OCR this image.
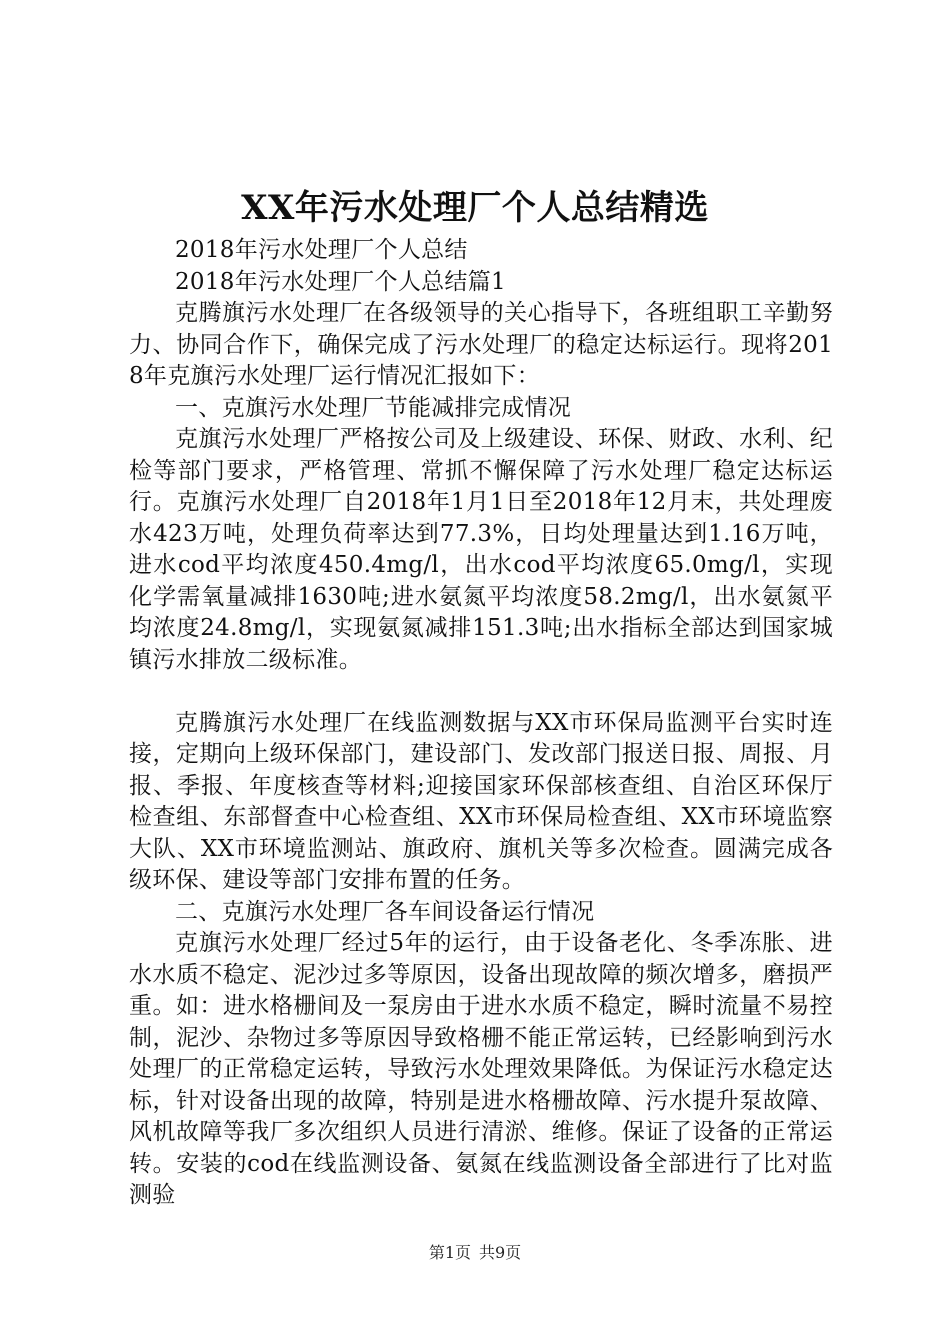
XX年污水处理厂个人总结精选

2018年污水处理厂个人总结

2018年污水处理厂个人总结篇1

克腾旗污水处理厂在各级领导的关心指导下，各班组职工辛勤努力、协同合作下，确保完成了污水处理厂的稳定达标运行。现将2018年克旗污水处理厂运行情况汇报如下：

一、克旗污水处理厂节能减排完成情况

克旗污水处理厂严格按公司及上级建设、环保、财政、水利、纪检等部门要求，严格管理、常抓不懈保障了污水处理厂稳定达标运行。克旗污水处理厂自2018年1月1日至2018年12月末，共处理废水423万吨，处理负荷率达到77.3%，日均处理量达到1.16万吨，进水cod平均浓度450.4mg/l，出水cod平均浓度65.0mg/l，实现化学需氧量减排1630吨;进水氨氮平均浓度58.2mg/l，出水氨氮平均浓度24.8mg/l，实现氨氮减排151.3吨;出水指标全部达到国家城镇污水排放二级标准。

克腾旗污水处理厂在线监测数据与XX市环保局监测平台实时连接，定期向上级环保部门，建设部门、发改部门报送日报、周报、月报、季报、年度核查等材料;迎接国家环保部核查组、自治区环保厅检查组、东部督查中心检查组、XX市环保局检查组、XX市环境监察大队、XX市环境监测站、旗政府、旗机关等多次检查。圆满完成各级环保、建设等部门安排布置的任务。

二、克旗污水处理厂各车间设备运行情况

克旗污水处理厂经过5年的运行，由于设备老化、冬季冻胀、进水水质不稳定、泥沙过多等原因，设备出现故障的频次增多，磨损严重。如：进水格栅间及一泵房由于进水水质不稳定，瞬时流量不易控制，泥沙、杂物过多等原因导致格栅不能正常运转，已经影响到污水处理厂的正常稳定运转，导致污水处理效果降低。为保证污水稳定达标，针对设备出现的故障，特别是进水格栅故障、污水提升泵故障、风机故障等我厂多次组织人员进行清淤、维修。保证了设备的正常运转。安装的cod在线监测设备、氨氮在线监测设备全部进行了比对监测验

第1页 共9页
